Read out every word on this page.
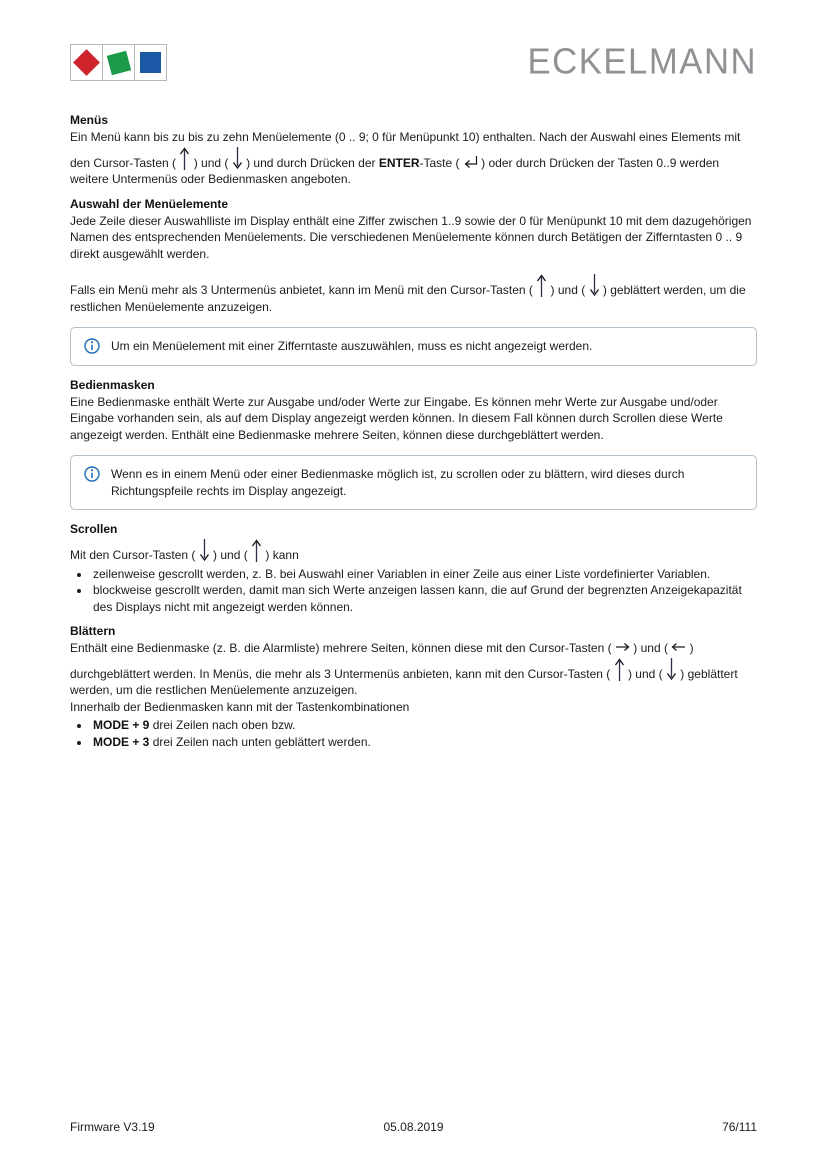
ECKELMANN
Menüs

Ein Menü kann bis zu bis zu zehn Menüelemente (0 .. 9; 0 für Menüpunkt 10) enthalten. Nach der Auswahl eines Elements mit den Cursor-Tasten (  ) und (  ) und durch Drücken der ENTER-Taste (  ) oder durch Drücken der Tasten 0..9 werden weitere Untermenüs oder Bedienmasken angeboten.

Auswahl der Menüelemente

Jede Zeile dieser Auswahlliste im Display enthält eine Ziffer zwischen 1..9 sowie der 0 für Menüpunkt 10 mit dem dazugehörigen Namen des entsprechenden Menüelements. Die verschiedenen Menüelemente können durch Betätigen der Zifferntasten 0 .. 9 direkt ausgewählt werden.

Falls ein Menü mehr als 3 Untermenüs anbietet, kann im Menü mit den Cursor-Tasten (  ) und (  ) geblättert werden, um die restlichen Menüelemente anzuzeigen.

Um ein Menüelement mit einer Zifferntaste auszuwählen, muss es nicht angezeigt werden.
Bedienmasken

Eine Bedienmaske enthält Werte zur Ausgabe und/oder Werte zur Eingabe. Es können mehr Werte zur Ausgabe und/oder Eingabe vorhanden sein, als auf dem Display angezeigt werden können. In diesem Fall können durch Scrollen diese Werte angezeigt werden. Enthält eine Bedienmaske mehrere Seiten, können diese durchgeblättert werden.

Wenn es in einem Menü oder einer Bedienmaske möglich ist, zu scrollen oder zu blättern, wird dieses durch Richtungspfeile rechts im Display angezeigt.
Scrollen

Mit den Cursor-Tasten (  ) und (  ) kann

• zeilenweise gescrollt werden, z. B. bei Auswahl einer Variablen in einer Zeile aus einer Liste vordefinierter Variablen.
• blockweise gescrollt werden, damit man sich Werte anzeigen lassen kann, die auf Grund der begrenzten Anzeigekapazität des Displays nicht mit angezeigt werden können.
Blättern

Enthält eine Bedienmaske (z. B. die Alarmliste) mehrere Seiten, können diese mit den Cursor-Tasten (  ) und (  ) durchgeblättert werden. In Menüs, die mehr als 3 Untermenüs anbieten, kann mit den Cursor-Tasten (  ) und (  ) geblättert werden, um die restlichen Menüelemente anzuzeigen.

Innerhalb der Bedienmasken kann mit der Tastenkombinationen

• MODE + 9 drei Zeilen nach oben bzw.
• MODE + 3 drei Zeilen nach unten geblättert werden.
Firmware V3.19	05.08.2019	76/111
